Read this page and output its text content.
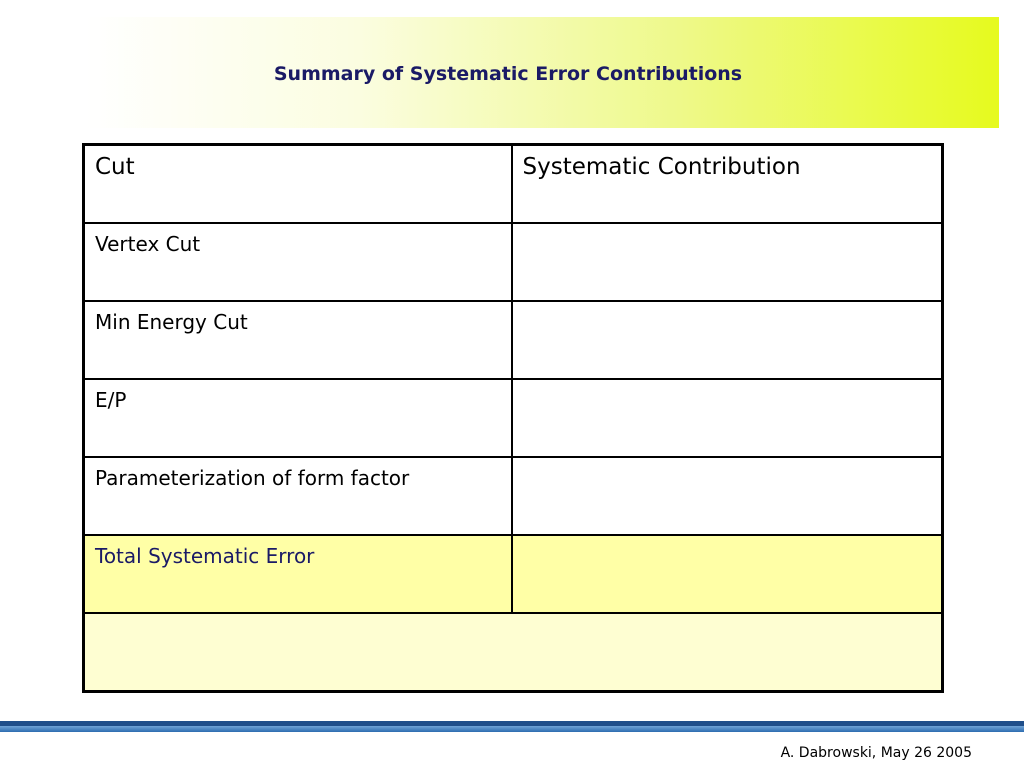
Summary of Systematic Error Contributions
Cut	Systematic Contribution
Vertex Cut	
Min Energy Cut	
E/P	
Parameterization of form factor	
Total Systematic Error	

A. Dabrowski, May 26 2005
